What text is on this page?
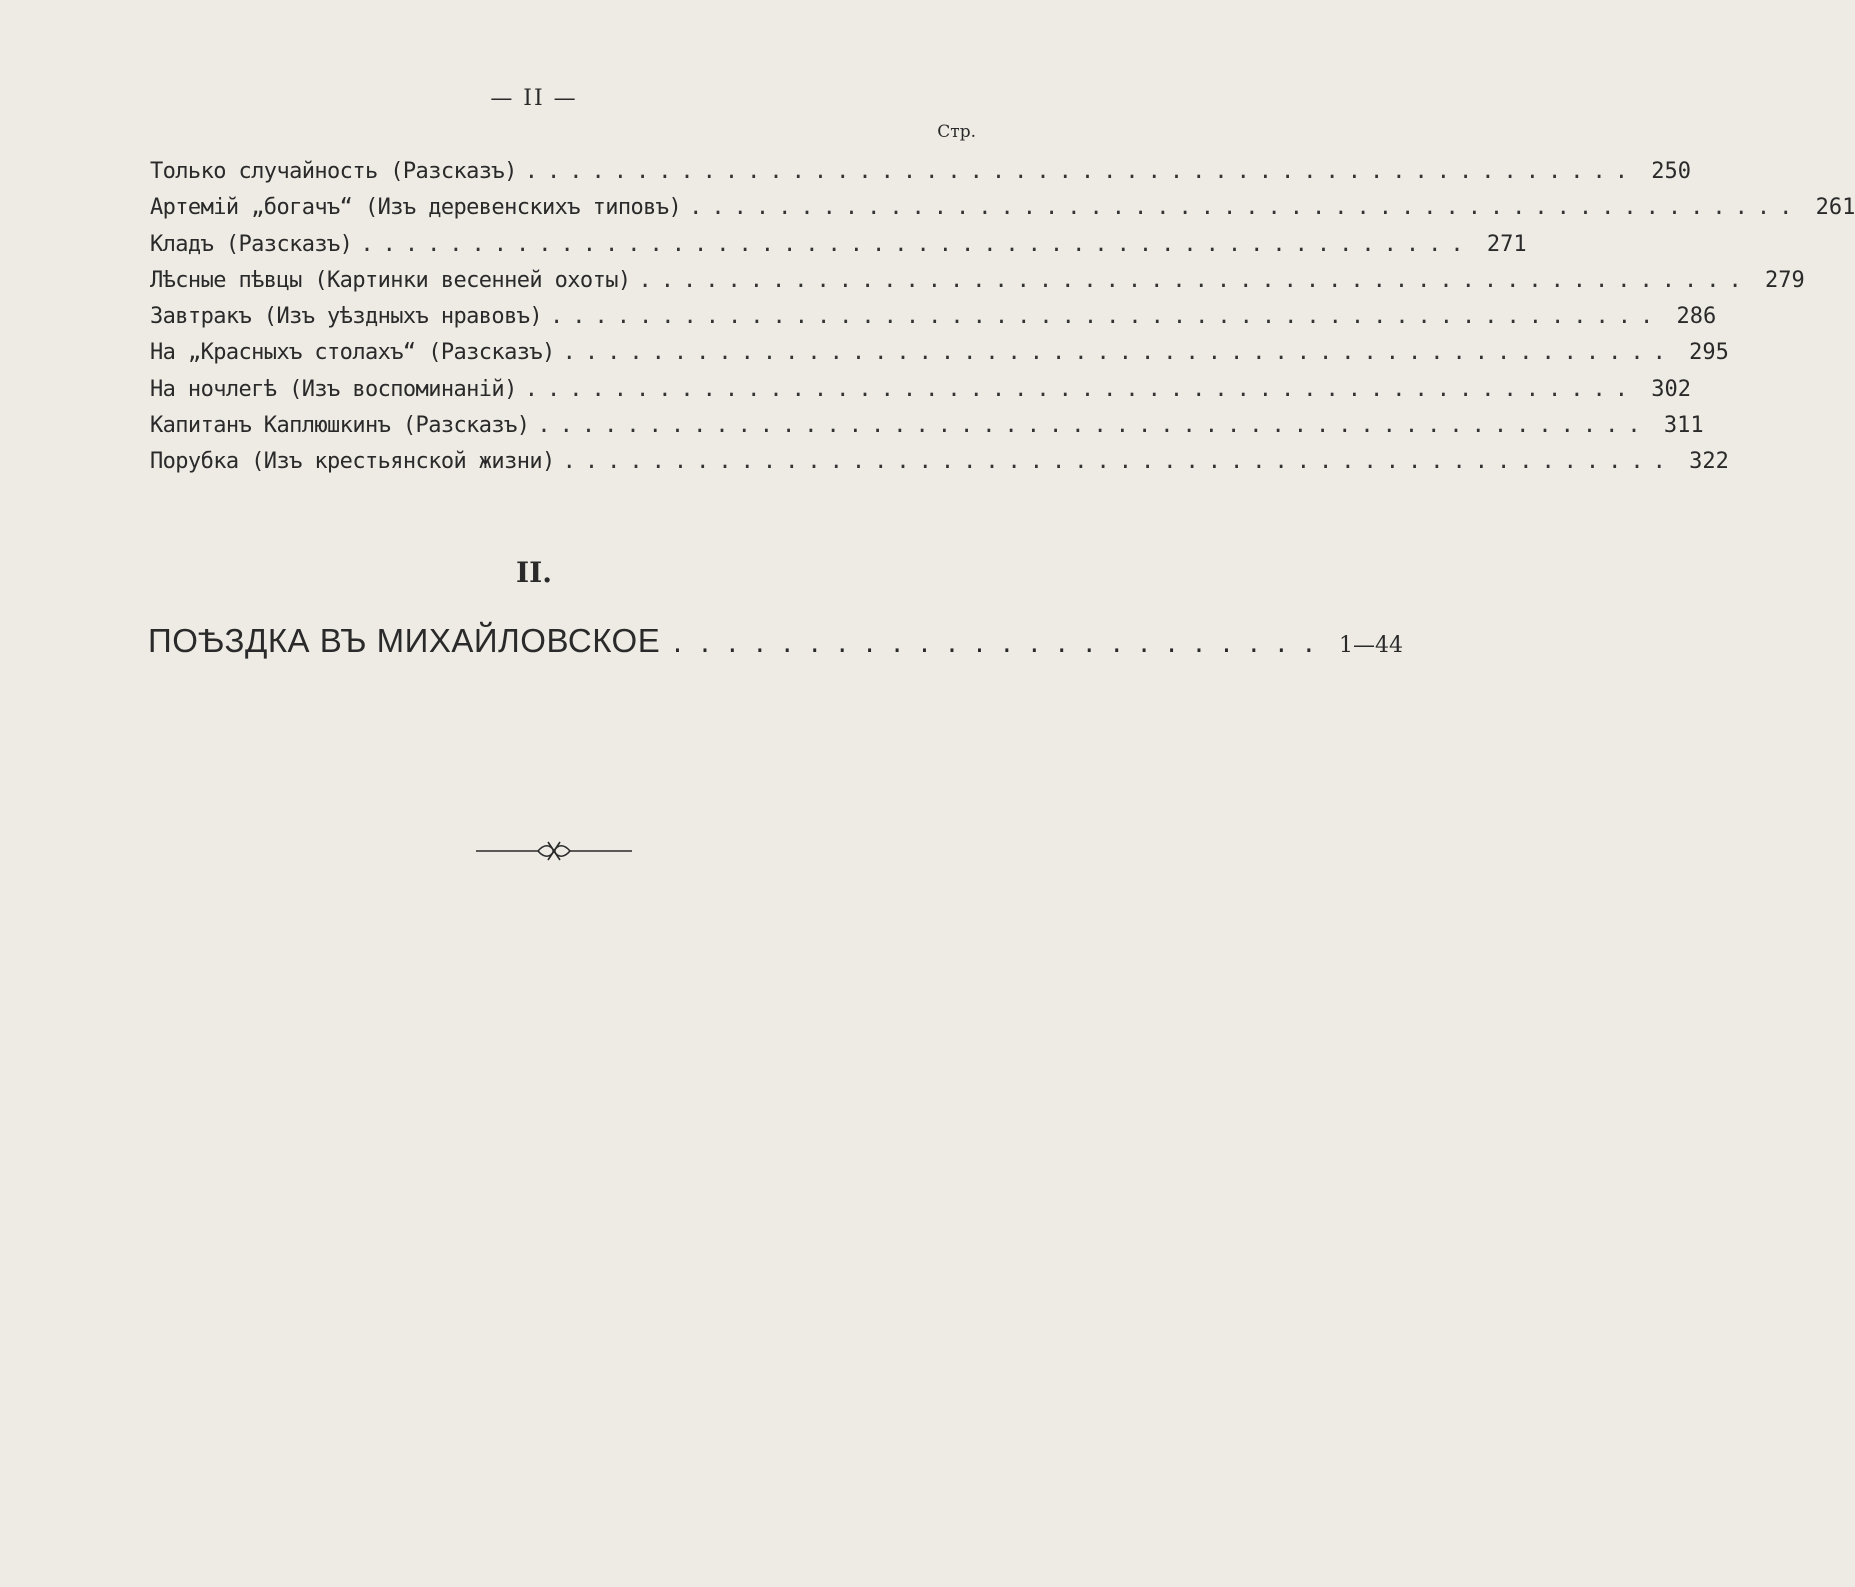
— II —
Стр.
Только случайность (Разсказъ) .................................................. 250
Артемій „богачъ“ (Изъ деревенскихъ типовъ) .................................................. 261
Кладъ (Разсказъ) .................................................. 271
Лѣсные пѣвцы (Картинки весенней охоты) .................................................. 279
Завтракъ (Изъ уѣздныхъ нравовъ) .................................................. 286
На „Красныхъ столахъ“ (Разсказъ) .................................................. 295
На ночлегѣ (Изъ воспоминаній) .................................................. 302
Капитанъ Каплюшкинъ (Разсказъ) .................................................. 311
Порубка (Изъ крестьянской жизни) .................................................. 322
II.
ПОѢЗДКА ВЪ МИХАЙЛОВСКОЕ ........................ 1—44
